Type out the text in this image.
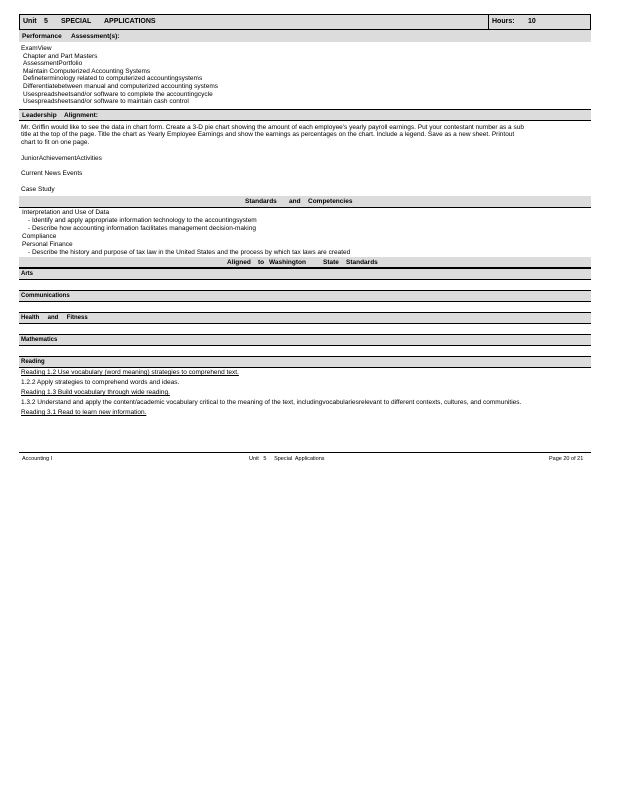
Unit 5 SPECIAL APPLICATIONS	Hours: 10
Performance Assessment(s):
ExamView
Chapter and Part Masters
AssessmentPortfolio
Maintain Computerized Accounting Systems
Defineterminology related to computerized accountingsystems
Differentiatebetween manual and computerized accounting systems
Usespreadsheetsand/or software to complete the accountingcycle
Usespreadsheetsand/or software to maintain cash control
Leadership Alignment:
Mr. Griffin would like to see the data in chart form. Create a 3-D pie chart showing the amount of each employee's yearly payroll earnings. Put your contestant number as a sub
title at the top of the page. Title the chart as Yearly Employee Earnings and show the earnings as percentages on the chart. Include a legend. Save as a new sheet. Printout
chart to fit on one page.
JuniorAchievementActivities
Current News Events
Case Study
Standards and Competencies
Interpretation and Use of Data
- Identify and apply appropriate information technology to the accountingsystem
- Describe how accounting information facilitates management decision-making
Compliance
Personal Finance
- Describe the history and purpose of tax law in the United States and the process by which tax laws are created
Aligned to Washington	State Standards
Arts
Communications
Health     and     Fitness
Mathematics
Reading
Reading 1.2 Use vocabulary (word meaning) strategies to comprehend text.
1.2.2 Apply strategies to comprehend words and ideas.
Reading 1.3 Build vocabulary through wide reading.
1.3.2 Understand and apply the content/academic vocabulary critical to the meaning of the text, includingvocabulariesrelevant to different contexts, cultures, and communities.
Reading 3.1 Read to learn new information.
Accounting I	Unit   5     Special  Applications	Page 20 of 21
